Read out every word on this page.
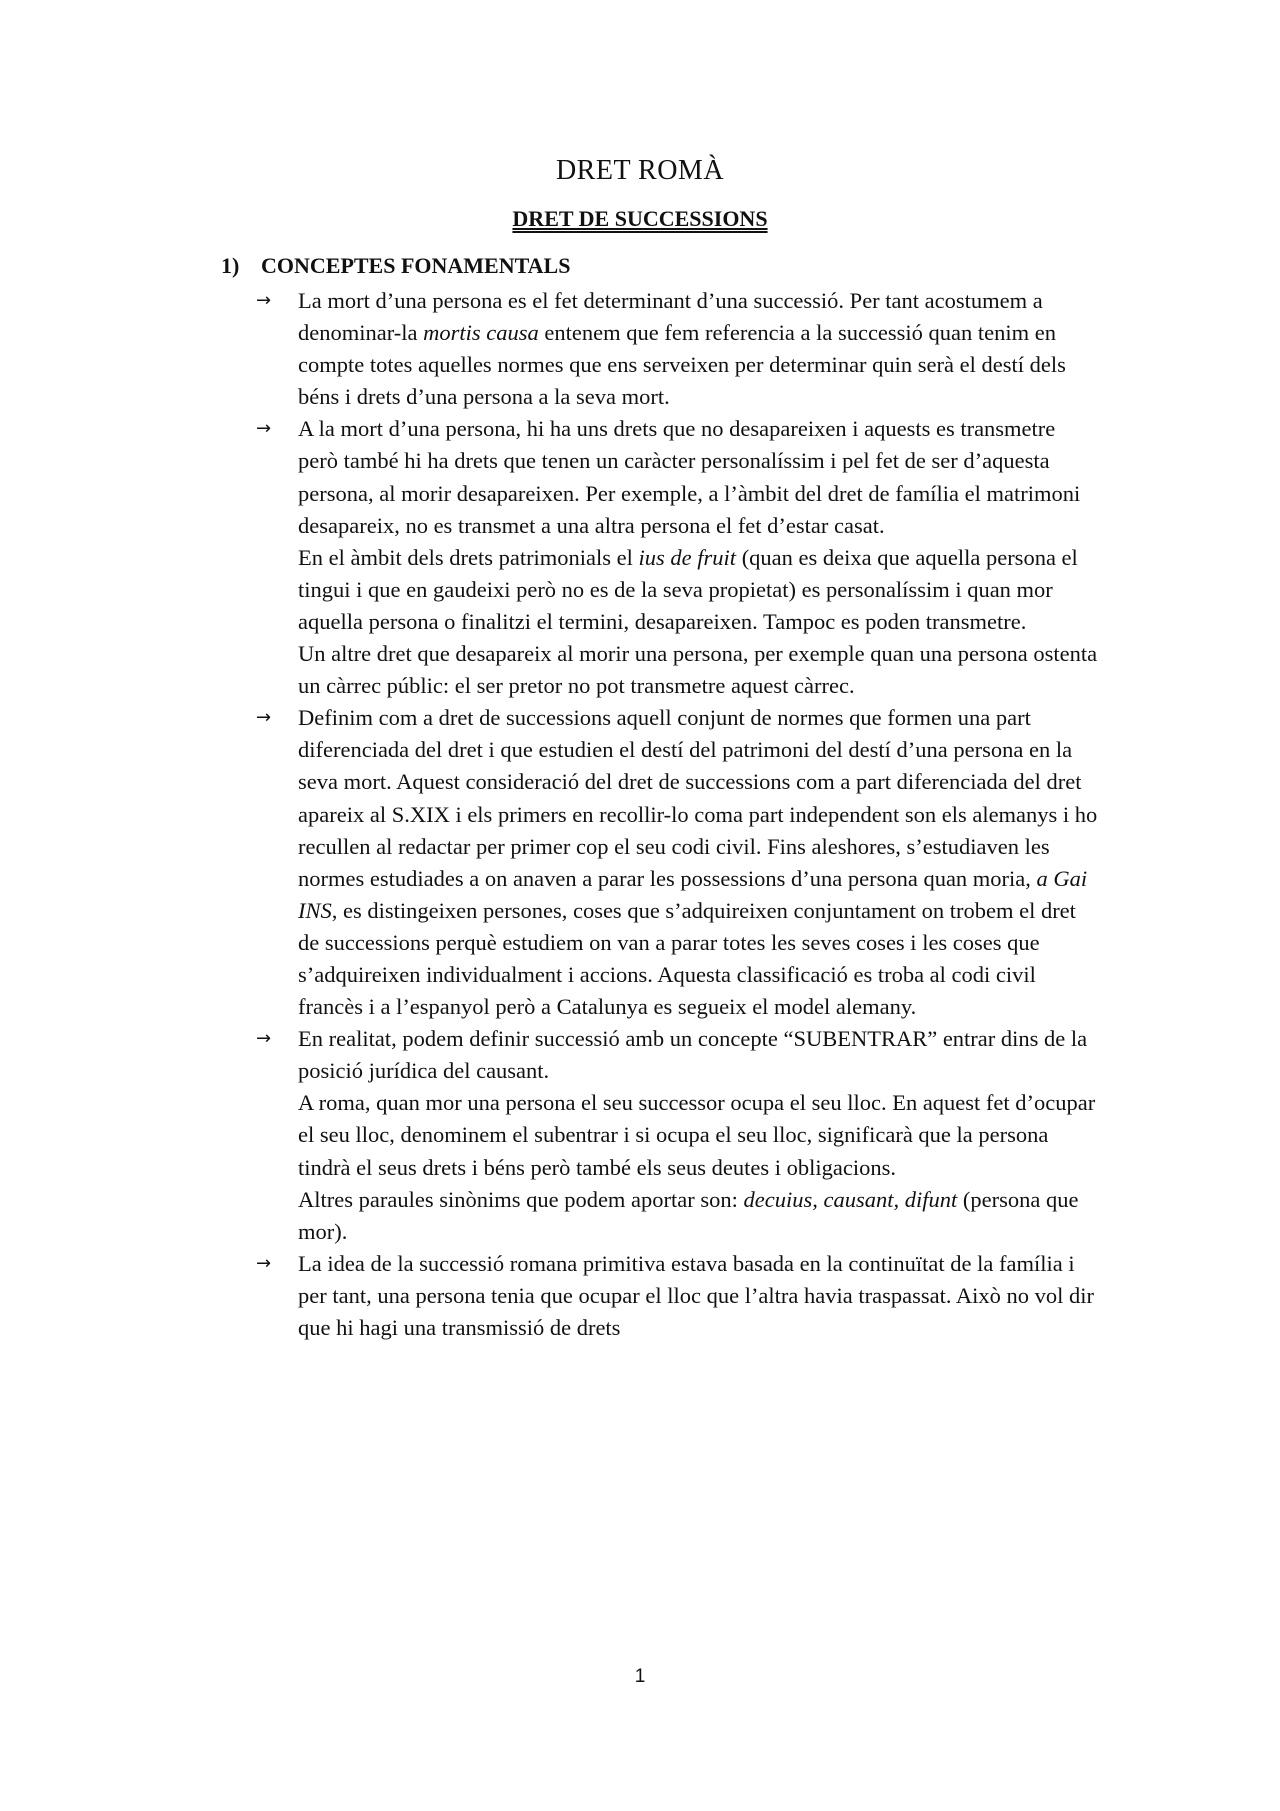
DRET ROMÀ
DRET DE SUCCESSIONS
1) CONCEPTES FONAMENTALS
→ La mort d’una persona es el fet determinant d’una successió. Per tant acostumem a denominar-la mortis causa entenem que fem referencia a la successió quan tenim en compte totes aquelles normes que ens serveixen per determinar quin serà el destí dels béns i drets d’una persona a la seva mort.
→ A la mort d’una persona, hi ha uns drets que no desapareixen i aquests es transmetre però també hi ha drets que tenen un caràcter personalíssim i pel fet de ser d’aquesta persona, al morir desapareixen. Per exemple, a l’àmbit del dret de família el matrimoni desapareix, no es transmet a una altra persona el fet d’estar casat.
En el àmbit dels drets patrimonials el ius de fruit (quan es deixa que aquella persona el tingui i que en gaudeixi però no es de la seva propietat) es personalíssim i quan mor aquella persona o finalitzi el termini, desapareixen. Tampoc es poden transmetre.
Un altre dret que desapareix al morir una persona, per exemple quan una persona ostenta un càrrec públic: el ser pretor no pot transmetre aquest càrrec.
→ Definim com a dret de successions aquell conjunt de normes que formen una part diferenciada del dret i que estudien el destí del patrimoni del destí d’una persona en la seva mort. Aquest consideració del dret de successions com a part diferenciada del dret apareix al S.XIX i els primers en recollir-lo coma part independent son els alemanys i ho recullen al redactar per primer cop el seu codi civil. Fins aleshores, s’estudiaven les normes estudiades a on anaven a parar les possessions d’una persona quan moria, a Gai INS, es distingeixen persones, coses que s’adquireixen conjuntament on trobem el dret de successions perquè estudiem on van a parar totes les seves coses i les coses que s’adquireixen individualment i accions. Aquesta classificació es troba al codi civil francès i a l’espanyol però a Catalunya es segueix el model alemany.
→ En realitat, podem definir successió amb un concepte “SUBENTRAR” entrar dins de la posició jurídica del causant.
A roma, quan mor una persona el seu successor ocupa el seu lloc. En aquest fet d’ocupar el seu lloc, denominem el subentrar i si ocupa el seu lloc, significarà que la persona tindrà el seus drets i béns però també els seus deutes i obligacions.
Altres paraules sinònims que podem aportar son: decuius, causant, difunt (persona que mor).
→ La idea de la successió romana primitiva estava basada en la continuïtat de la família i per tant, una persona tenia que ocupar el lloc que l’altra havia traspassat. Això no vol dir que hi hagi una transmissió de drets
1
